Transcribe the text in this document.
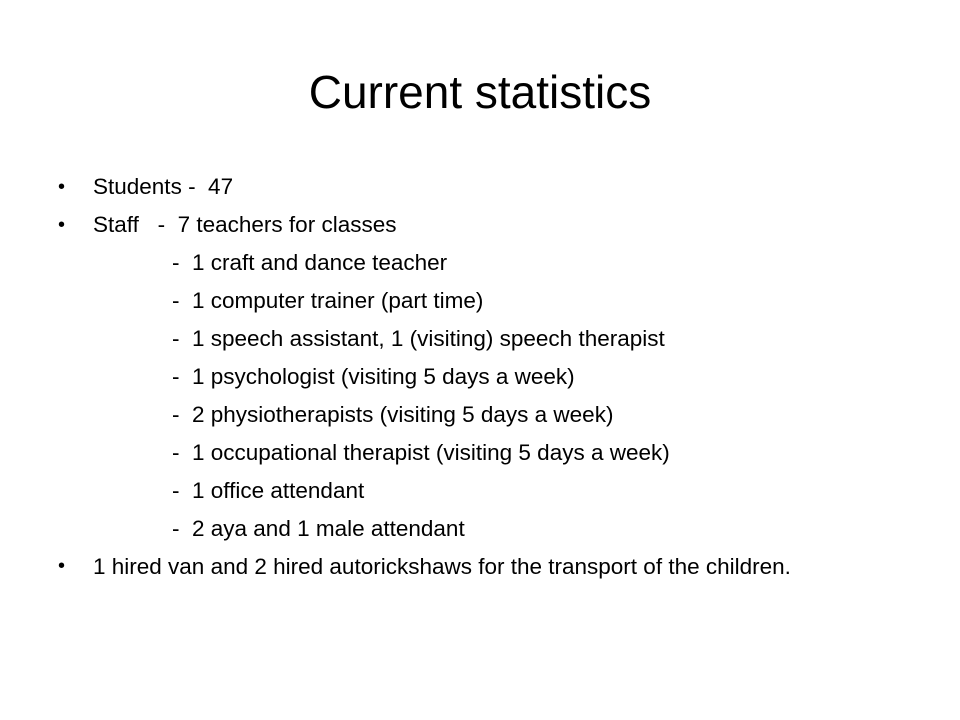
Current statistics
•	Students -  47
•	Staff   -  7 teachers for classes
-  1 craft and dance teacher
-  1 computer trainer (part time)
-  1 speech assistant, 1 (visiting) speech therapist
-  1 psychologist (visiting 5 days a week)
-  2 physiotherapists (visiting 5 days a week)
-  1 occupational therapist (visiting 5 days a week)
-  1 office attendant
-  2 aya and 1 male attendant
•	1 hired van and 2 hired autorickshaws for the transport of the children.
